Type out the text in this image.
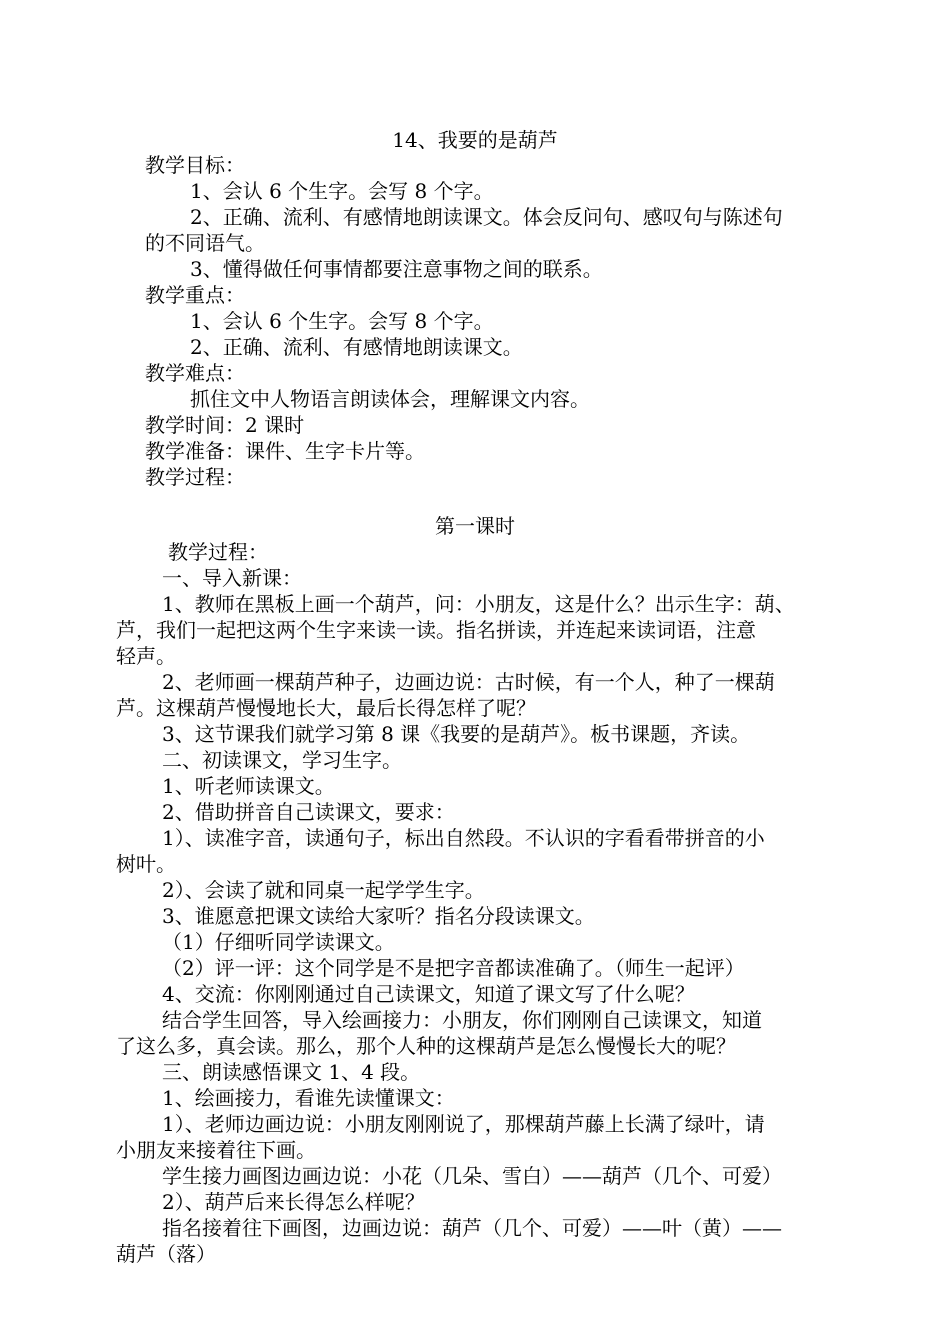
14、我要的是葫芦
教学目标：
1、会认 6 个生字。会写 8 个字。
2、正确、流利、有感情地朗读课文。体会反问句、感叹句与陈述句
的不同语气。
3、懂得做任何事情都要注意事物之间的联系。
教学重点：
1、会认 6 个生字。会写 8 个字。
2、正确、流利、有感情地朗读课文。
教学难点：
抓住文中人物语言朗读体会，理解课文内容。
教学时间：2 课时
教学准备：课件、生字卡片等。
教学过程：
第一课时
教学过程：
一、导入新课：
1、教师在黑板上画一个葫芦，问：小朋友，这是什么？出示生字：葫、
芦，我们一起把这两个生字来读一读。指名拼读，并连起来读词语，注意
轻声。
2、老师画一棵葫芦种子，边画边说：古时候，有一个人，种了一棵葫
芦。这棵葫芦慢慢地长大，最后长得怎样了呢？
3、这节课我们就学习第 8 课《我要的是葫芦》。板书课题，齐读。
二、初读课文，学习生字。
1、听老师读课文。
2、借助拼音自己读课文，要求：
1）、读准字音，读通句子，标出自然段。不认识的字看看带拼音的小
树叶。
2）、会读了就和同桌一起学学生字。
3、谁愿意把课文读给大家听？指名分段读课文。
（1）仔细听同学读课文。
（2）评一评：这个同学是不是把字音都读准确了。（师生一起评）
4、交流：你刚刚通过自己读课文，知道了课文写了什么呢？
结合学生回答，导入绘画接力：小朋友，你们刚刚自己读课文，知道
了这么多，真会读。那么，那个人种的这棵葫芦是怎么慢慢长大的呢？
三、朗读感悟课文 1、4 段。
1、绘画接力，看谁先读懂课文：
1）、老师边画边说：小朋友刚刚说了，那棵葫芦藤上长满了绿叶，请
小朋友来接着往下画。
学生接力画图边画边说：小花（几朵、雪白）——葫芦（几个、可爱）
2）、葫芦后来长得怎么样呢？
指名接着往下画图，边画边说：葫芦（几个、可爱）——叶（黄）——
葫芦（落）
